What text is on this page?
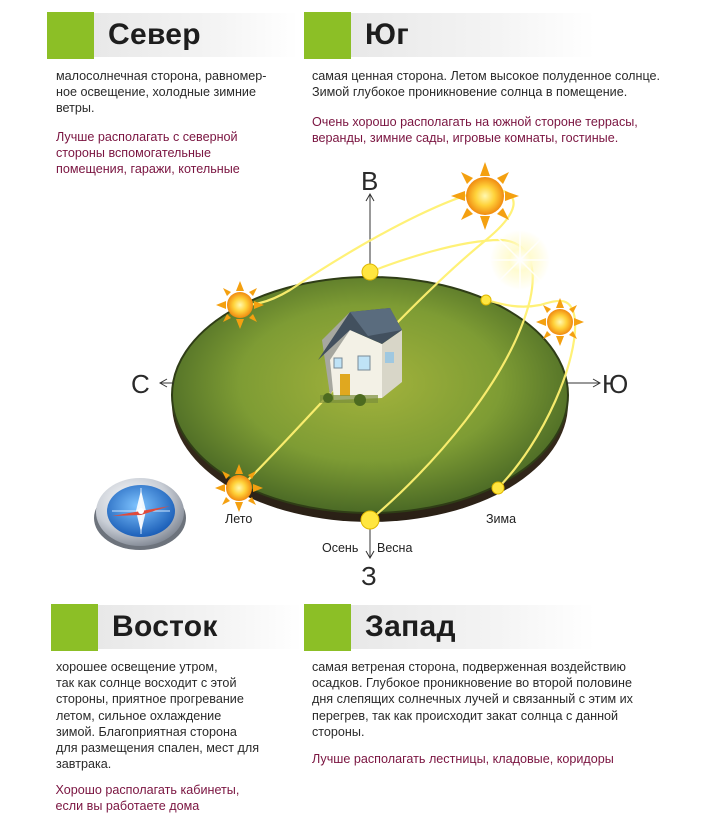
Север
малосолнечная сторона, равномер-
ное освещение, холодные зимние
ветры.
Лучше располагать с северной
стороны вспомогательные
помещения, гаражи, котельные
Юг
самая ценная сторона. Летом высокое полуденное солнце.
Зимой глубокое проникновение солнца в помещение.
Очень хорошо располагать на южной стороне террасы,
веранды, зимние сады, игровые комнаты, гостиные.
Восток
хорошее освещение утром,
так как солнце восходит с этой
стороны, приятное прогревание
летом, сильное охлаждение
зимой. Благоприятная сторона
для размещения спален, мест для
завтрака.
Хорошо располагать кабинеты,
если вы работаете дома
Запад
самая ветреная сторона, подверженная воздействию
осадков. Глубокое проникновение во второй половине
дня слепящих солнечных лучей и связанный с этим их
перегрев, так как происходит закат солнца с данной
стороны.
Лучше располагать лестницы, кладовые, коридоры
В
З
С	Ю
Лето	Зима
Осень Весна
